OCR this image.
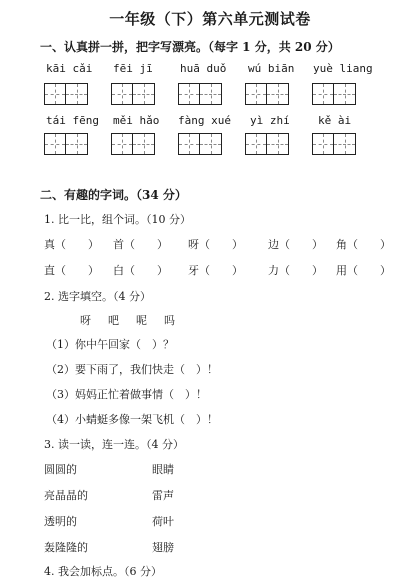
一年级（下）第六单元测试卷
一、认真拼一拼，把字写漂亮。（每字 1 分，共 20 分）
kāi cǎi fēi jī huā duǒ wú biān yuè liang
tái fēng měi hǎo fàng xué yì zhí	kě ài
二、有趣的字词。（34 分）
1. 比一比，组个词。（10 分）
真（　　） 首（　　） 呀（　　） 边（　　） 角（　　）
直（　　） 白（　　） 牙（　　） 力（　　） 用（　　）
2. 选字填空。（4 分）
呀 吧 呢 吗
（1）你中午回家（　）？
（2）要下雨了，我们快走（　）！
（3）妈妈正忙着做事情（　）！
（4）小蜻蜓多像一架飞机（　）！
3. 读一读，连一连。（4 分）
圆圆的
亮晶晶的
透明的
轰隆隆的
眼睛
雷声
荷叶
翅膀
4. 我会加标点。（6 分）
